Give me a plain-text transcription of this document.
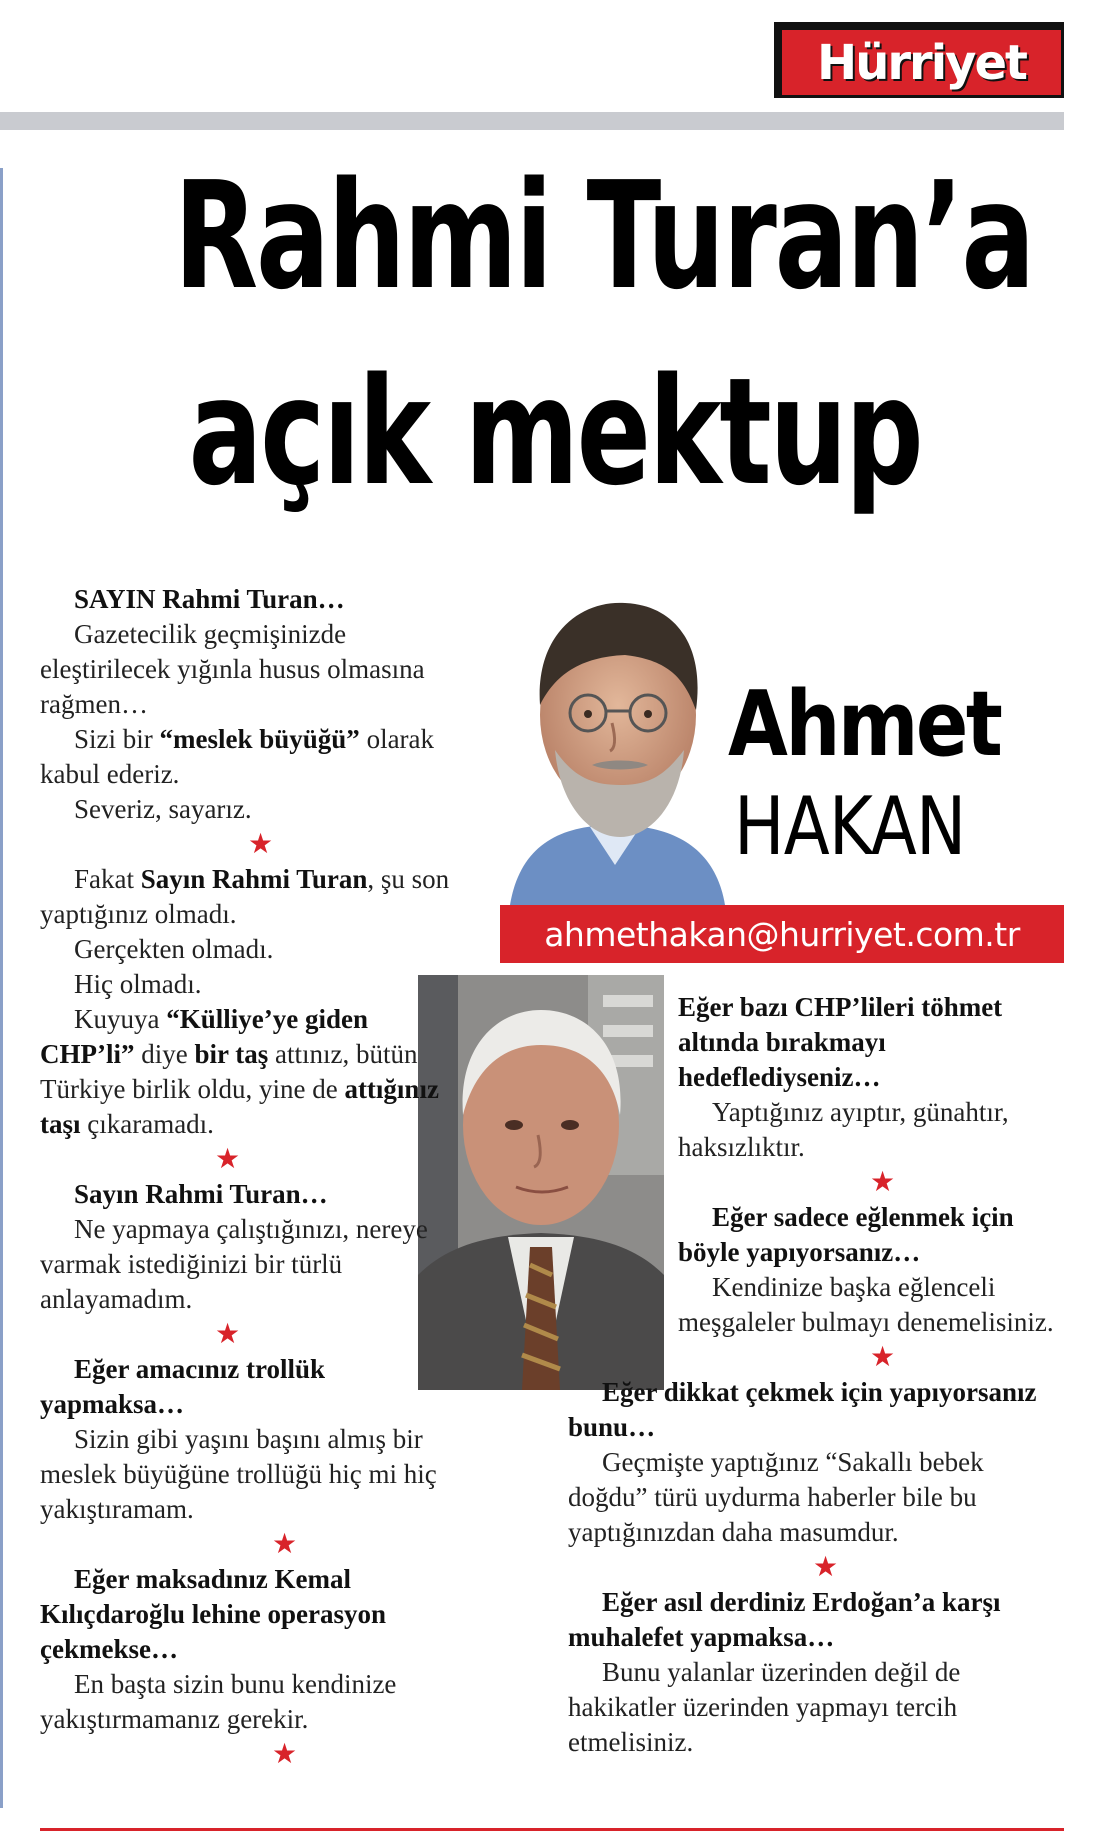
Hürriyet
Rahmi Turan’a
açık mektup
Ahmet
HAKAN
ahmethakan@hurriyet.com.tr

SAYIN Rahmi Turan…

Gazetecilik geçmişinizde eleştirilecek yığınla husus olmasına rağmen…

Sizi bir “meslek büyüğü” olarak kabul ederiz.

Severiz, sayarız.

★

Fakat Sayın Rahmi Turan, şu son yaptığınız olmadı.

Gerçekten olmadı.

Hiç olmadı.

Kuyuya “Külliye’ye giden CHP’li” diye bir taş attınız, bütün Türkiye birlik oldu, yine de attığınız taşı çıkaramadı.

★

Sayın Rahmi Turan…

Ne yapmaya çalıştığınızı, nereye varmak istediğinizi bir türlü anlayamadım.

★

Eğer amacınız trollük yapmaksa…

Sizin gibi yaşını başını almış bir meslek büyüğüne trollüğü hiç mi hiç yakıştıramam.

★

Eğer maksadınız Kemal Kılıçdaroğlu lehine operasyon çekmekse…

En başta sizin bunu kendinize yakıştırmamanız gerekir.

★

Eğer bazı CHP’lileri töhmet altında bırakmayı hedeflediyseniz…

Yaptığınız ayıptır, günahtır, haksızlıktır.

★

Eğer sadece eğlenmek için böyle yapıyorsanız…

Kendinize başka eğlenceli meşgaleler bulmayı denemelisiniz.

★

Eğer dikkat çekmek için yapıyorsanız bunu…

Geçmişte yaptığınız “Sakallı bebek doğdu” türü uydurma haberler bile bu yaptığınızdan daha masumdur.

★

Eğer asıl derdiniz Erdoğan’a karşı muhalefet yapmaksa…

Bunu yalanlar üzerinden değil de hakikatler üzerinden yapmayı tercih etmelisiniz.
